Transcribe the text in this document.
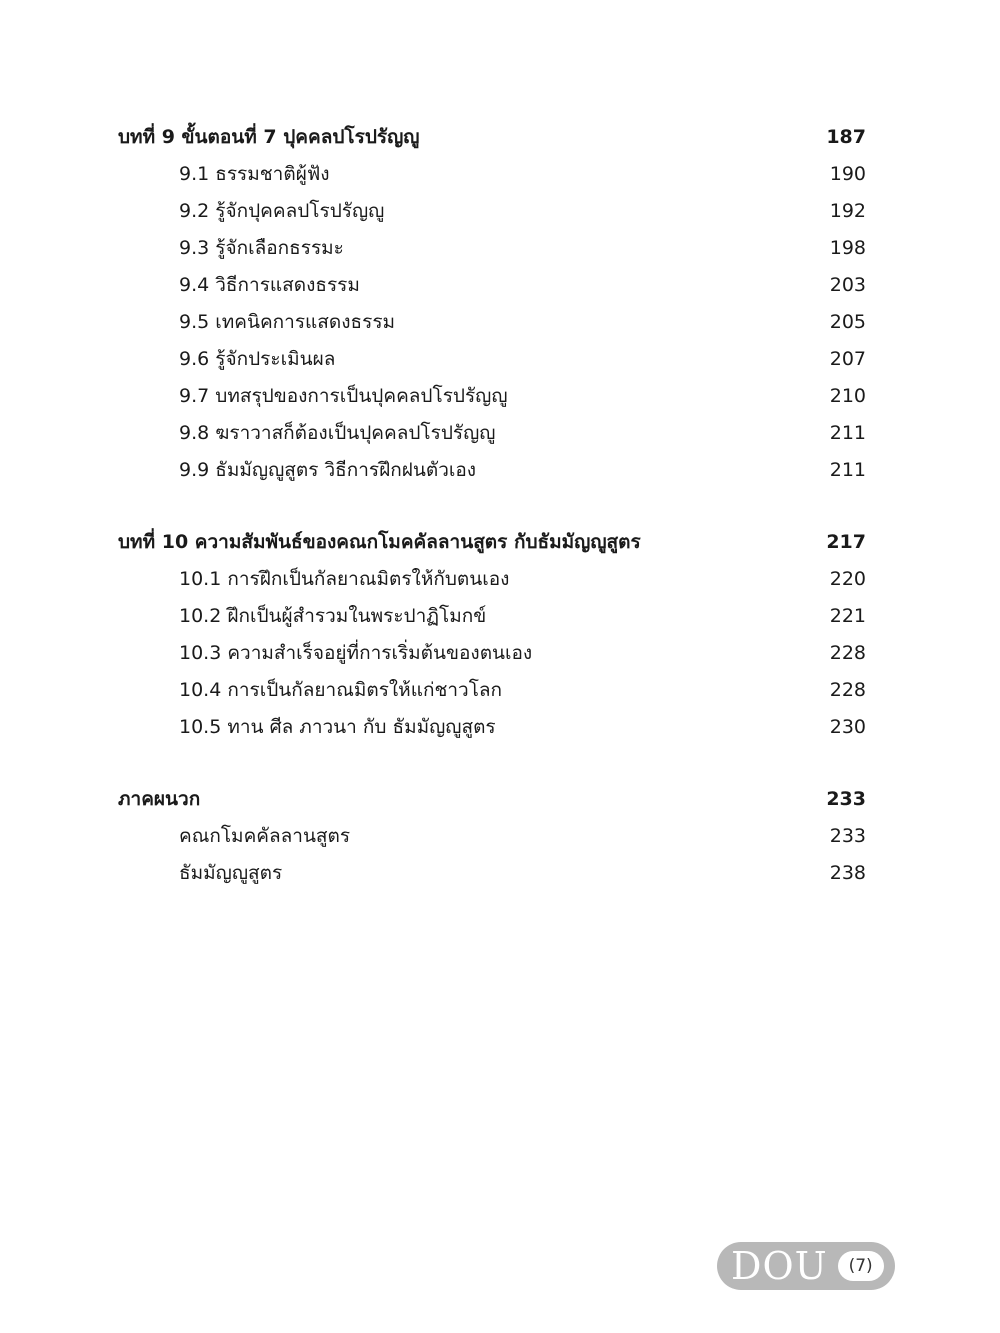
บทที่ 9 ขั้นตอนที่ 7 ปุคคลปโรปรัญญู	187
9.1 ธรรมชาติผู้ฟัง	190
9.2 รู้จักปุคคลปโรปรัญญู	192
9.3 รู้จักเลือกธรรมะ	198
9.4 วิธีการแสดงธรรม	203
9.5 เทคนิคการแสดงธรรม	205
9.6 รู้จักประเมินผล	207
9.7 บทสรุปของการเป็นปุคคลปโรปรัญญู	210
9.8 ฆราวาสก็ต้องเป็นปุคคลปโรปรัญญู	211
9.9 ธัมมัญญูสูตร วิธีการฝึกฝนตัวเอง	211
บทที่ 10 ความสัมพันธ์ของคณกโมคคัลลานสูตร กับธัมมัญญูสูตร	217
10.1 การฝึกเป็นกัลยาณมิตรให้กับตนเอง	220
10.2 ฝึกเป็นผู้สำรวมในพระปาฏิโมกข์	221
10.3 ความสำเร็จอยู่ที่การเริ่มต้นของตนเอง	228
10.4 การเป็นกัลยาณมิตรให้แก่ชาวโลก	228
10.5 ทาน ศีล ภาวนา กับ ธัมมัญญูสูตร	230
ภาคผนวก	233
คณกโมคคัลลานสูตร	233
ธัมมัญญูสูตร	238
DOU	(7)
